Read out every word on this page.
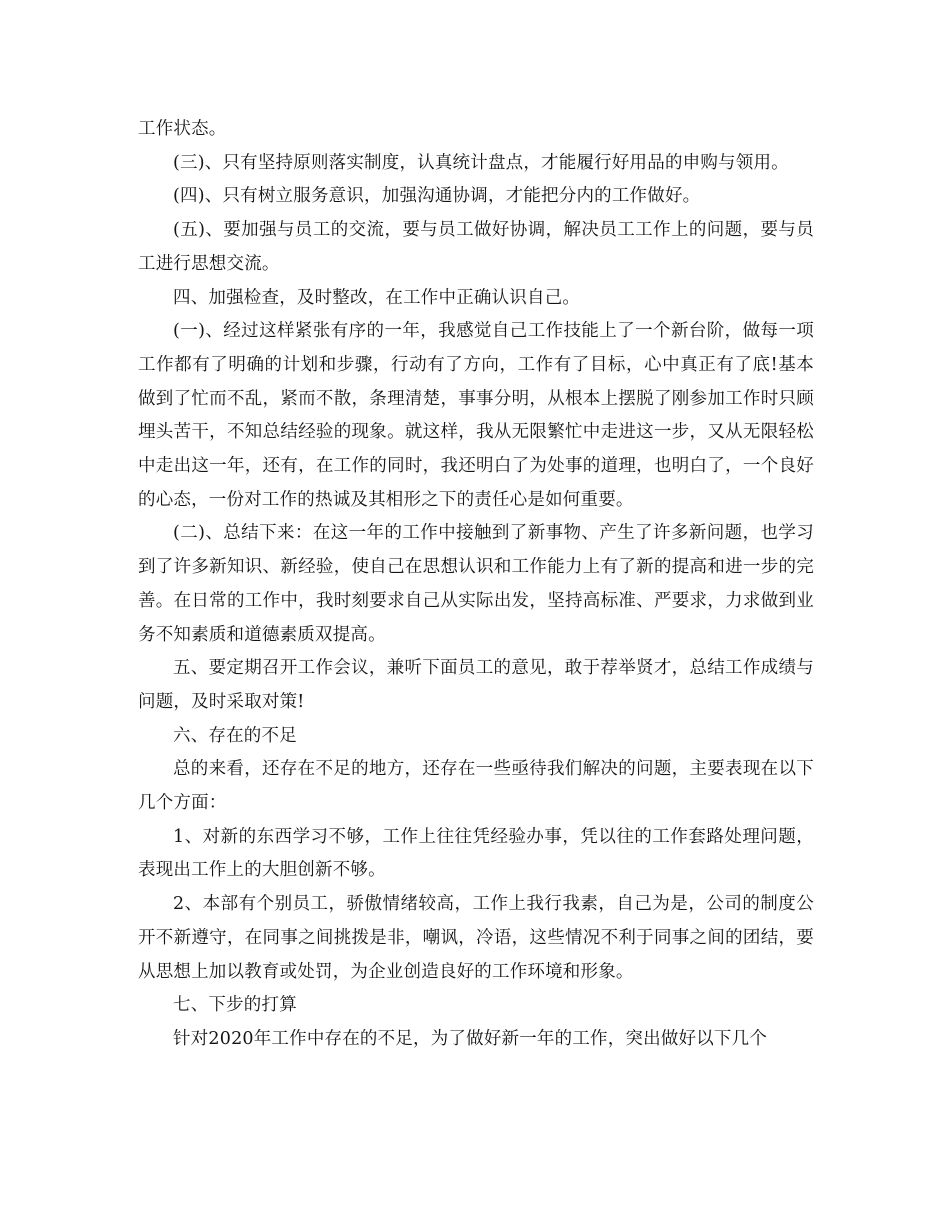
工作状态。

(三)、只有坚持原则落实制度，认真统计盘点，才能履行好用品的申购与领用。

(四)、只有树立服务意识，加强沟通协调，才能把分内的工作做好。

(五)、要加强与员工的交流，要与员工做好协调，解决员工工作上的问题，要与员工进行思想交流。

四、加强检查，及时整改，在工作中正确认识自己。

(一)、经过这样紧张有序的一年，我感觉自己工作技能上了一个新台阶，做每一项工作都有了明确的计划和步骤，行动有了方向，工作有了目标，心中真正有了底!基本做到了忙而不乱，紧而不散，条理清楚，事事分明，从根本上摆脱了刚参加工作时只顾埋头苦干，不知总结经验的现象。就这样，我从无限繁忙中走进这一步，又从无限轻松中走出这一年，还有，在工作的同时，我还明白了为处事的道理，也明白了，一个良好的心态，一份对工作的热诚及其相形之下的责任心是如何重要。

(二)、总结下来：在这一年的工作中接触到了新事物、产生了许多新问题，也学习到了许多新知识、新经验，使自己在思想认识和工作能力上有了新的提高和进一步的完善。在日常的工作中，我时刻要求自己从实际出发，坚持高标准、严要求，力求做到业务不知素质和道德素质双提高。

五、要定期召开工作会议，兼听下面员工的意见，敢于荐举贤才，总结工作成绩与问题，及时采取对策!

六、存在的不足

总的来看，还存在不足的地方，还存在一些亟待我们解决的问题，主要表现在以下几个方面：

1、对新的东西学习不够，工作上往往凭经验办事，凭以往的工作套路处理问题，表现出工作上的大胆创新不够。

2、本部有个别员工，骄傲情绪较高，工作上我行我素，自己为是，公司的制度公开不新遵守，在同事之间挑拨是非，嘲讽，冷语，这些情况不利于同事之间的团结，要从思想上加以教育或处罚，为企业创造良好的工作环境和形象。

七、下步的打算

针对2020年工作中存在的不足，为了做好新一年的工作，突出做好以下几个
